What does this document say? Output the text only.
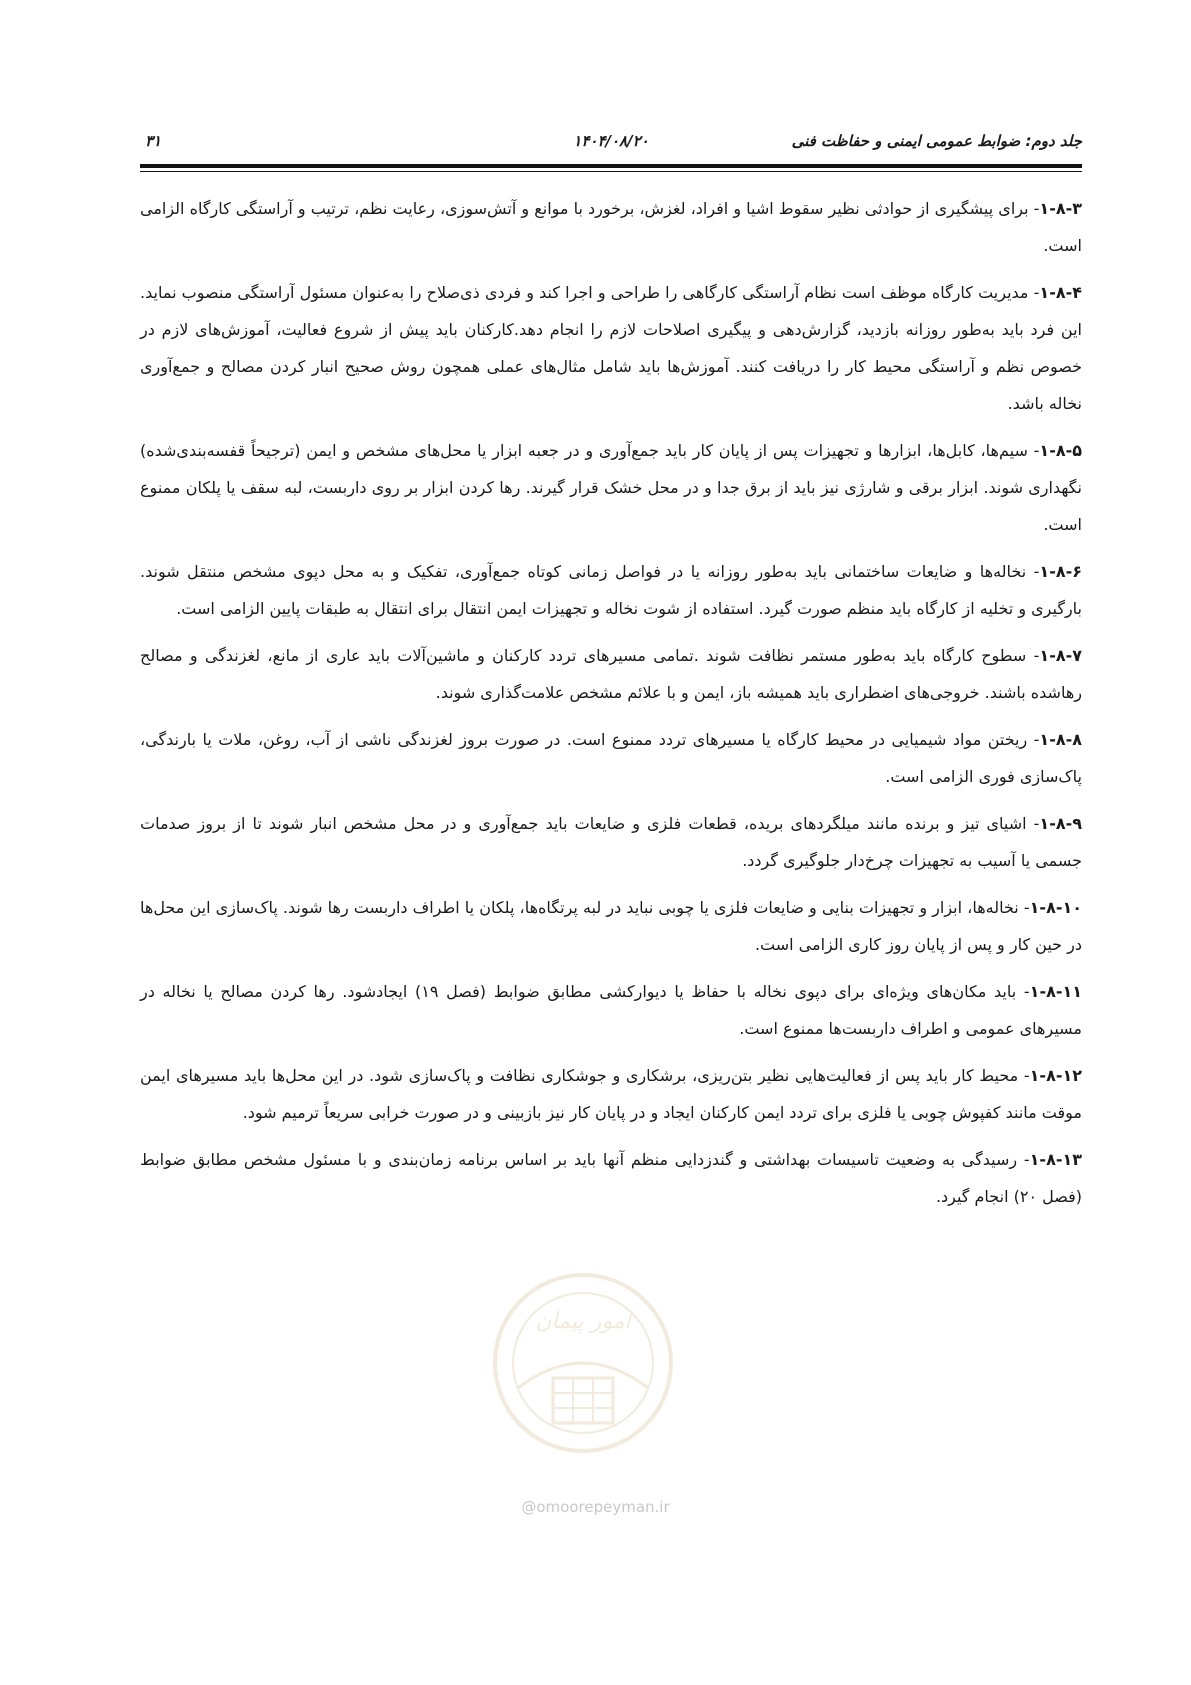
جلد دوم: ضوابط عمومی ایمنی و حفاظت فنی
۱۴۰۴/۰۸/۲۰
۳۱

۱-۸-۳- برای پیشگیری از حوادثی نظیر سقوط اشیا و افراد، لغزش، برخورد با موانع و آتش‌سوزی، رعایت نظم، ترتیب و آراستگی کارگاه الزامی است.

۱-۸-۴- مدیریت کارگاه موظف است نظام آراستگی کارگاهی را طراحی و اجرا کند و فردی ذی‌صلاح را به‌عنوان مسئول آراستگی منصوب نماید. این فرد باید به‌طور روزانه بازدید، گزارش‌دهی و پیگیری اصلاحات لازم را انجام دهد.کارکنان باید پیش از شروع فعالیت، آموزش‌های لازم در خصوص نظم و آراستگی محیط کار را دریافت کنند. آموزش‌ها باید شامل مثال‌های عملی همچون روش صحیح انبار کردن مصالح و جمع‌آوری نخاله باشد.

۱-۸-۵- سیم‌ها، کابل‌ها، ابزارها و تجهیزات پس از پایان کار باید جمع‌آوری و در جعبه ابزار یا محل‌های مشخص و ایمن (ترجیحاً قفسه‌بندی‌شده) نگهداری شوند. ابزار برقی و شارژی نیز باید از برق جدا و در محل خشک قرار گیرند. رها کردن ابزار بر روی داربست، لبه سقف یا پلکان ممنوع است.

۱-۸-۶- نخاله‌ها و ضایعات ساختمانی باید به‌طور روزانه یا در فواصل زمانی کوتاه جمع‌آوری، تفکیک و به محل دپوی مشخص منتقل شوند. بارگیری و تخلیه از کارگاه باید منظم صورت گیرد. استفاده از شوت نخاله و تجهیزات ایمن انتقال برای انتقال به طبقات پایین الزامی است.

۱-۸-۷- سطوح کارگاه باید به‌طور مستمر نظافت شوند .تمامی مسیرهای تردد کارکنان و ماشین‌آلات باید عاری از مانع، لغزندگی و مصالح رهاشده باشند. خروجی‌های اضطراری باید همیشه باز، ایمن و با علائم مشخص علامت‌گذاری شوند.

۱-۸-۸- ریختن مواد شیمیایی در محیط کارگاه یا مسیرهای تردد ممنوع است. در صورت بروز لغزندگی ناشی از آب، روغن، ملات یا بارندگی، پاک‌سازی فوری الزامی است.

۱-۸-۹- اشیای تیز و برنده مانند میلگردهای بریده، قطعات فلزی و ضایعات باید جمع‌آوری و در محل مشخص انبار شوند تا از بروز صدمات جسمی یا آسیب به تجهیزات چرخ‌دار جلوگیری گردد.

۱-۸-۱۰- نخاله‌ها، ابزار و تجهیزات بنایی و ضایعات فلزی یا چوبی نباید در لبه پرتگاه‌ها، پلکان یا اطراف داربست رها شوند. پاک‌سازی این محل‌ها در حین کار و پس از پایان روز کاری الزامی است.

۱-۸-۱۱- باید مکان‌های ویژه‌ای برای دپوی نخاله با حفاظ یا دیوارکشی مطابق ضوابط (فصل ۱۹) ایجادشود. رها کردن مصالح یا نخاله در مسیرهای عمومی و اطراف داربست‌ها ممنوع است.

۱-۸-۱۲- محیط کار باید پس از فعالیت‌هایی نظیر بتن‌ریزی، برشکاری و جوشکاری نظافت و پاک‌سازی شود. در این محل‌ها باید مسیرهای ایمن موقت مانند کفپوش چوبی یا فلزی برای تردد ایمن کارکنان ایجاد و در پایان کار نیز بازبینی و در صورت خرابی سریعاً ترمیم شود.

۱-۸-۱۳- رسیدگی به وضعیت تاسیسات بهداشتی و گندزدایی منظم آنها باید بر اساس برنامه زمان‌بندی و با مسئول مشخص مطابق ضوابط (فصل ۲۰) انجام گیرد.

امور پیمان
@omoorepeyman.ir
